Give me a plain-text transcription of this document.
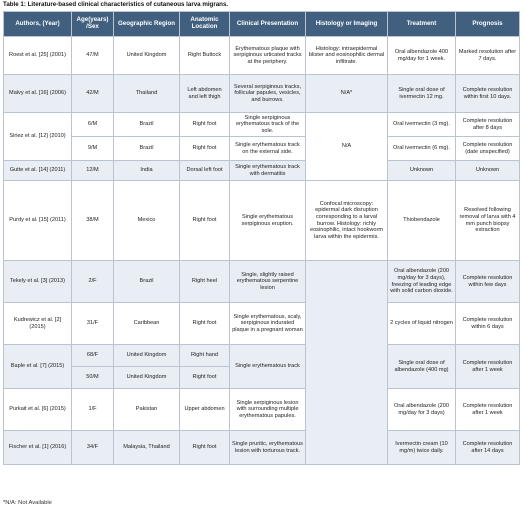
Table 1: Literature-based clinical characteristics of cutaneous larva migrans.
Authors, (Year)	Age(years) /Sex	Geographic Region	Anatomic Location	Clinical Presentation	Histology or Imaging	Treatment	Prognosis
Roest et al. [25] (2001)	47/M	United Kingdom	Right Buttock	Erythematous plaque with serpiginous urticated tracks at the periphery.	Histology: intraepidermal blister and eosinophilic dermal infiltrate.	Oral albendazole 400 mg/day for 1 week.	Marked resolution after 7 days.
Malvy et al. [16] (2006)	42/M	Thailand	Left abdomen and left thigh	Several serpiginous tracks, follicular papules, vesicles, and burrows.	N/A*	Single oral dose of ivermectin 12 mg.	Complete resolution within first 10 days.
Siriez et al. [12] (2010)	6/M	Brazil	Right foot	Single serpiginous erythematous track of the sole.	N/A	Oral ivermectin (3 mg).	Complete resolution after 8 days
	9/M	Brazil	Right foot	Single erythematous track on the external side.		Oral ivermectin (6 mg).	Complete resolution (date unspecified)
Gutte et al. [14] (2011)	12/M	India	Dorsal left foot	Single erythematous track with dermatitis		Unknown	Unknown
Purdy et al. [15] (2011)	38/M	Mexico	Right foot	Single erythematous serpiginous eruption.	Confocal microscopy: epidermal dark disruption corresponding to a larval burrow. Histology: richly eosinophilic, intact hookworm larva within the epidermis.	Thiobendazole	Resolved following removal of larva with 4 mm punch biopsy extraction
Tekely et al. [3] (2013)	2/F	Brazil	Right heel	Single, slightly raised erythematous serpentine lesion		Oral albendazole (200 mg/day for 3 days), freezing of leading edge with solid carbon dioxide.	Complete resolution within few days
Kudrewicz et al. [2] (2015)	31/F	Caribbean	Right foot	Single erythematous, scaly, serpiginous indurated plaque in a pregnant woman		2 cycles of liquid nitrogen	Complete resolution within 6 days
Baple et al. [7] (2015)	68/F	United Kingdom	Right hand	Single erythematous track		Single oral dose of albendazole (400 mg)	Complete resolution after 1 week
	50/M	United Kingdom	Right foot				
Purkait et al. [6] (2015)	1/F	Pakistan	Upper abdomen	Single serpiginous lesion with surrounding multiple erythematous papules.		Oral albendazole (200 mg/day for 3 days)	Complete resolution after 1 week
Fischer et al. [1] (2016)	34/F	Malaysia, Thailand	Right foot	Single pruritic, erythematous lesion with torturous track.		Ivermectin cream (10 mg/m) twice daily.	Complete resolution after 14 days
*N/A: Not Available
